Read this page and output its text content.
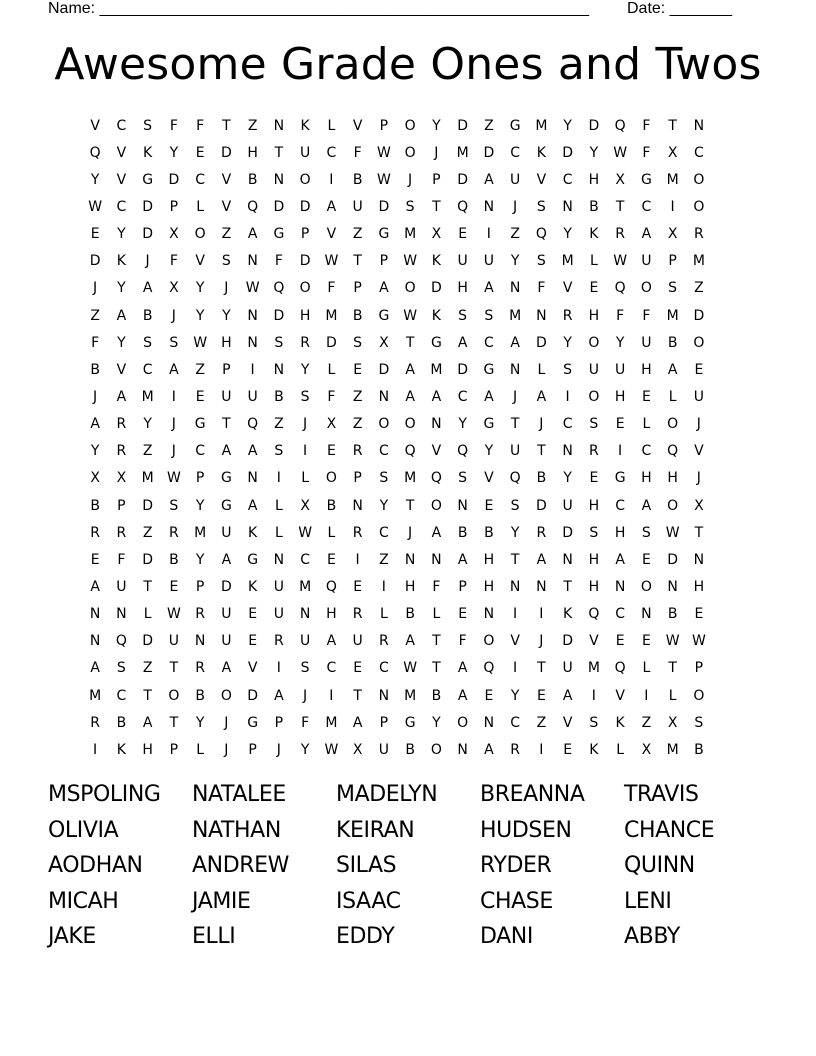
Name: _______________________________________________________ Date: _______
Awesome Grade Ones and Twos
V	C	S	F	F	T	Z	N	K	L	V	P	O	Y	D	Z	G	M	Y	D	Q	F	T	N
Q	V	K	Y	E	D	H	T	U	C	F	W O	J	M	D	C	K	D	Y	W	F	X	C
Y	V	G	D	C	V	B	N	O	I	B	W	J	P	D	A	U	V	C	H	X	G	M	O
W	C	D	P	L	V	Q	D	D	A	U	D	S	T	Q	N	J	S	N	B	T	C	I	O
E	Y	D	X	O	Z	A	G	P	V	Z	G	M	X	E	I	Z	Q	Y	K	R	A	X	R
D	K	J	F	V	S	N	F	D W	T	P	W	K	U	U	Y	S	M	L	W	U	P	M
J	Y	A	X	Y	J	W Q	O	F	P	A	O	D	H	A	N	F	V	E	Q	O	S	Z
Z	A	B	J	Y	Y	N	D	H	M	B	G W	K	S	S	M	N	R	H	F	F	M	D
F	Y	S	S	W	H	N	S	R	D	S	X	T	G	A	C	A	D	Y	O	Y	U	B	O
B	V	C	A	Z	P	I	N	Y	L	E	D	A	M	D	G	N	L	S	U	U	H	A	E
J	A	M	I	E	U	U	B	S	F	Z	N	A	A	C	A	J	A	I	O	H	E	L	U
A	R	Y	J	G	T	Q	Z	J	X	Z	O	O	N	Y	G	T	J	C	S	E	L	O	J
Y	R	Z	J	C	A	A	S	I	E	R	C	Q	V	Q	Y	U	T	N	R	I	C	Q	V
X	X	M W	P	G	N	I	L	O	P	S	M	Q	S	V	Q	B	Y	E	G	H	H	J
B	P	D	S	Y	G	A	L	X	B	N	Y	T	O	N	E	S	D	U	H	C	A	O	X
R	R	Z	R	M	U	K	L	W	L	R	C	J	A	B	B	Y	R	D	S	H	S	W	T
E	F	D	B	Y	A	G	N	C	E	I	Z	N	N	A	H	T	A	N	H	A	E	D	N
A	U	T	E	P	D	K	U	M	Q	E	I	H	F	P	H	N	N	T	H	N	O	N	H
N	N	L	W	R	U	E	U	N	H	R	L	B	L	E	N	I	I	K	Q	C	N	B	E
N	Q	D	U	N	U	E	R	U	A	U	R	A	T	F	O	V	J	D	V	E	E	W W
A	S	Z	T	R	A	V	I	S	C	E	C	W	T	A	Q	I	T	U	M	Q	L	T	P
M	C	T	O	B	O	D	A	J	I	T	N	M	B	A	E	Y	E	A	I	V	I	L	O
R	B	A	T	Y	J	G	P	F	M	A	P	G	Y	O	N	C	Z	V	S	K	Z	X	S
I	K	H	P	L	J	P	J	Y	W	X	U	B	O	N	A	R	I	E	K	L	X	M	B
MSPOLING	NATALEE	MADELYN	BREANNA	TRAVIS
OLIVIA	NATHAN	KEIRAN	HUDSEN	CHANCE
AODHAN	ANDREW	SILAS	RYDER	QUINN
MICAH	JAMIE	ISAAC	CHASE	LENI
JAKE	ELLI	EDDY	DANI	ABBY
